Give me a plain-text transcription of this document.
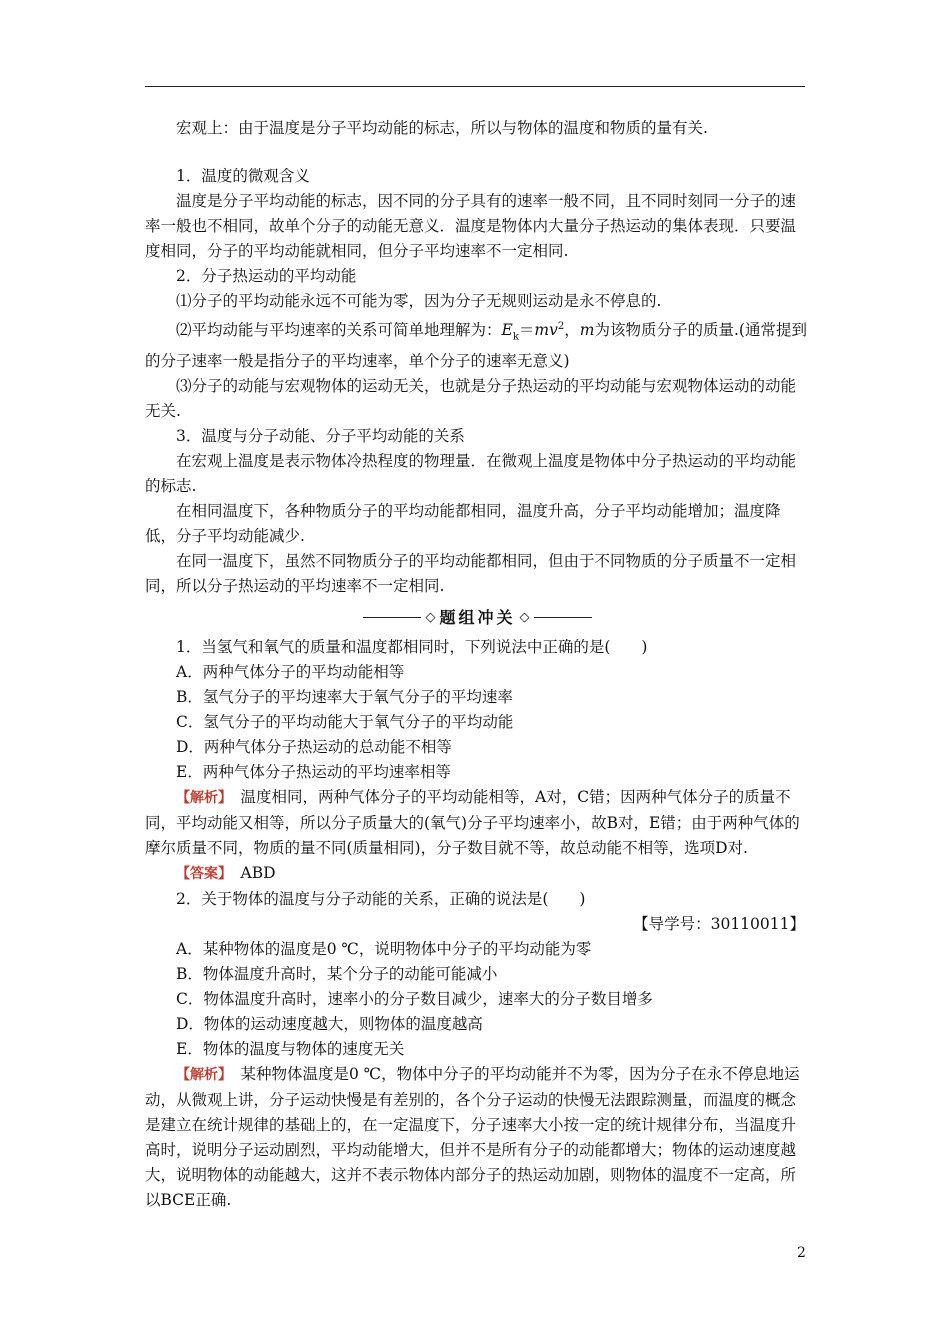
宏观上：由于温度是分子平均动能的标志，所以与物体的温度和物质的量有关.

1．温度的微观含义

温度是分子平均动能的标志，因不同的分子具有的速率一般不同，且不同时刻同一分子的速率一般也不相同，故单个分子的动能无意义．温度是物体内大量分子热运动的集体表现．只要温度相同，分子的平均动能就相同，但分子平均速率不一定相同.

2．分子热运动的平均动能

⑴分子的平均动能永远不可能为零，因为分子无规则运动是永不停息的.

⑵平均动能与平均速率的关系可简单地理解为：$E_k=mv^2$，m为该物质分子的质量.(通常提到的分子速率一般是指分子的平均速率，单个分子的速率无意义)

⑶分子的动能与宏观物体的运动无关，也就是分子热运动的平均动能与宏观物体运动的动能无关.

3．温度与分子动能、分子平均动能的关系

在宏观上温度是表示物体冷热程度的物理量．在微观上温度是物体中分子热运动的平均动能的标志.

在相同温度下，各种物质分子的平均动能都相同，温度升高，分子平均动能增加；温度降低，分子平均动能减少.

在同一温度下，虽然不同物质分子的平均动能都相同，但由于不同物质的分子质量不一定相同，所以分子热运动的平均速率不一定相同.

◇ 题组冲关 ◇

1．当氢气和氧气的质量和温度都相同时，下列说法中正确的是(　　)

A．两种气体分子的平均动能相等

B．氢气分子的平均速率大于氧气分子的平均速率

C．氢气分子的平均动能大于氧气分子的平均动能

D．两种气体分子热运动的总动能不相等

E．两种气体分子热运动的平均速率相等

【解析】　 温度相同，两种气体分子的平均动能相等，A对，C错；因两种气体分子的质量不同，平均动能又相等，所以分子质量大的(氧气)分子平均速率小，故B对，E错；由于两种气体的摩尔质量不同，物质的量不同(质量相同)，分子数目就不等，故总动能不相等，选项D对.

【答案】　 ABD

2．关于物体的温度与分子动能的关系，正确的说法是(　　)

【导学号：30110011】

A．某种物体的温度是0 ℃，说明物体中分子的平均动能为零

B．物体温度升高时，某个分子的动能可能减小

C．物体温度升高时，速率小的分子数目减少，速率大的分子数目增多

D．物体的运动速度越大，则物体的温度越高

E．物体的温度与物体的速度无关

【解析】　 某种物体温度是0 ℃，物体中分子的平均动能并不为零，因为分子在永不停息地运动，从微观上讲，分子运动快慢是有差别的，各个分子运动的快慢无法跟踪测量，而温度的概念是建立在统计规律的基础上的，在一定温度下，分子速率大小按一定的统计规律分布，当温度升高时，说明分子运动剧烈，平均动能增大，但并不是所有分子的动能都增大；物体的运动速度越大，说明物体的动能越大，这并不表示物体内部分子的热运动加剧，则物体的温度不一定高，所以BCE正确.

2
